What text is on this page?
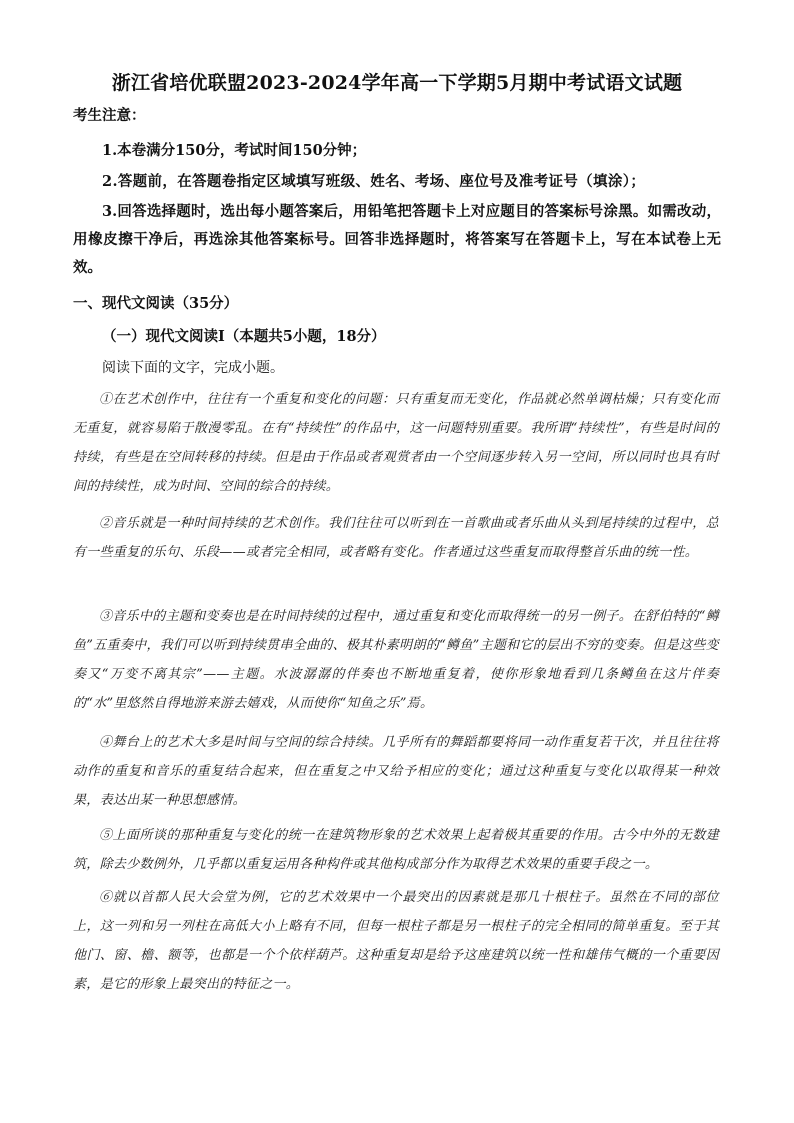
浙江省培优联盟2023-2024学年高一下学期5月期中考试语文试题
考生注意：
1.本卷满分150分，考试时间150分钟；
2.答题前，在答题卷指定区域填写班级、姓名、考场、座位号及准考证号（填涂）；
3.回答选择题时，选出每小题答案后，用铅笔把答题卡上对应题目的答案标号涂黑。如需改动，用橡皮擦干净后，再选涂其他答案标号。回答非选择题时，将答案写在答题卡上，写在本试卷上无效。
一、现代文阅读（35分）
（一）现代文阅读Ⅰ（本题共5小题，18分）
阅读下面的文字，完成小题。
①在艺术创作中，往往有一个重复和变化的问题：只有重复而无变化，作品就必然单调枯燥；只有变化而无重复，就容易陷于散漫零乱。在有“持续性”的作品中，这一问题特别重要。我所谓“持续性”，有些是时间的持续，有些是在空间转移的持续。但是由于作品或者观赏者由一个空间逐步转入另一空间，所以同时也具有时间的持续性，成为时间、空间的综合的持续。
②音乐就是一种时间持续的艺术创作。我们往往可以听到在一首歌曲或者乐曲从头到尾持续的过程中，总有一些重复的乐句、乐段——或者完全相同，或者略有变化。作者通过这些重复而取得整首乐曲的统一性。
③音乐中的主题和变奏也是在时间持续的过程中，通过重复和变化而取得统一的另一例子。在舒伯特的“鳟鱼”五重奏中，我们可以听到持续贯串全曲的、极其朴素明朗的“鳟鱼”主题和它的层出不穷的变奏。但是这些变奏又“万变不离其宗”——主题。水波潺潺的伴奏也不断地重复着，使你形象地看到几条鳟鱼在这片伴奏的“水”里悠然自得地游来游去嬉戏，从而使你“知鱼之乐”焉。
④舞台上的艺术大多是时间与空间的综合持续。几乎所有的舞蹈都要将同一动作重复若干次，并且往往将动作的重复和音乐的重复结合起来，但在重复之中又给予相应的变化；通过这种重复与变化以取得某一种效果，表达出某一种思想感情。
⑤上面所谈的那种重复与变化的统一在建筑物形象的艺术效果上起着极其重要的作用。古今中外的无数建筑，除去少数例外，几乎都以重复运用各种构件或其他构成部分作为取得艺术效果的重要手段之一。
⑥就以首都人民大会堂为例，它的艺术效果中一个最突出的因素就是那几十根柱子。虽然在不同的部位上，这一列和另一列柱在高低大小上略有不同，但每一根柱子都是另一根柱子的完全相同的简单重复。至于其他门、窗、檐、额等，也都是一个个依样葫芦。这种重复却是给予这座建筑以统一性和雄伟气概的一个重要因素，是它的形象上最突出的特征之一。
